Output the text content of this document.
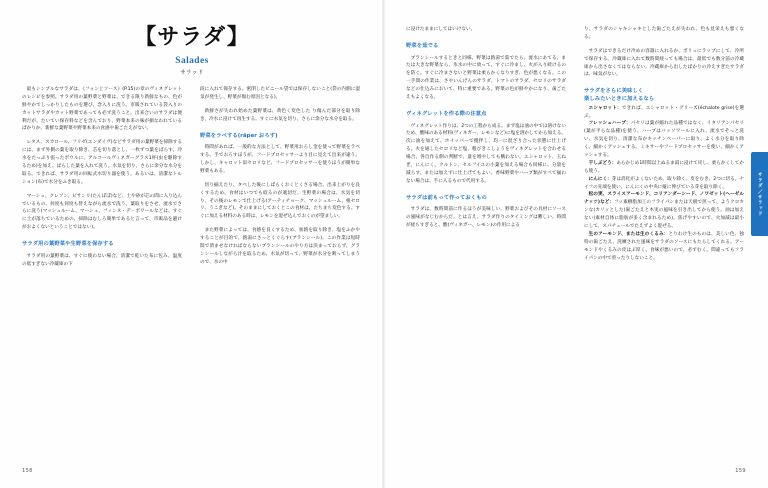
【サラダ】
Salades
サラッド

最もシンプルなサラダは、《フォンとソース》(P.15)の章のヴィネグレットのレシピを参照。サラダ用の葉野菜と野菜は、できる限り新鮮なもの、色が鮮やかでしっかりしたものを選び、念入りに洗う。市販されている袋入りのカットサラダやカット野菜であっても必ず洗うこと。出来合いのサラダは便利だが、たいてい保存料などを含んでおり、野菜本来の味が損なわれているばかりか、新鮮な葉野菜や野菜本来の食感や歯ごたえがない。

レタス、スカロール、フリゼ(エンダイヴ)などサラダ用の葉野菜を掃除するには、まず外側の葉を取り除き、芯を切り落とし、一枚ずつ葉をばらす。冷水をたっぷり張ったボウルに、アルコールヴィネガーグラス1杯(虫を駆除するため)を加え、ばらした葉を入れて洗う。水気を切り、さらに余分な水分を取る。できれば、サラダ用の回転式水切り器を使う。あるいは、清潔なトルション(布)で水分をふき取る。

マーシュ、クレソン、ピサンリ(たんぽぽ)など、土や砂が芯の間に入り込んでいるもの、何度も何度も替えながら流水で洗う。葉取りをさせ、流水でさらに洗う(マッシュルーム、マーシュ、フィンヌ・デ・ボワールなどは、すぐに土が落ちているための、掃除はむしろ簡単であると言って、市販品を避けがおよくないということではない)。

サラダ用の葉野菜や生野菜を保存する

サラダ用の葉野菜は、すぐに使わない場合、清潔で乾いた布に包み、温度の低すぎない冷蔵庫の下

段に入れて保存する。密閉したビニール袋では保存しないこと(袋の内側に湿気が発生し、野菜が傷む原因となる)。

新鮮さが失われ始めた葉野菜は、黄色く変色した り傷んだ部分を取り除き、冷水に浸けて再生する。すぐに水気を切り、さらに余分な水分を取る。

野菜をラペする(râper おろす)

時間があれば、一般的な方法として、野菜用おろし金を使って野菜をラペする。手でおろすほうが、フードプロセッサーより目に見えて出来が違う。しかし、キャロット似セロリなど、フードプロセッサーを使うほうが簡単な野菜もある。

切り揃えたり、タペした後にしばらくおくとくさる場合、出来上がりを良くするため、食材はいつでも絞るのが適切だ。生野菜の場合は、水気を切り、その後のレモンで仕上げる(アーティチョーク、マッシュルーム、根セロリ、うこぎなど)。そのままにしておくとこの食材は、たちまち変色する。すぐに加える材料のある時は、レモンを混ぜ込んでおくのが望ましい。

また野菜によっては、食感を良くするため、加熱を取り除き、塩をふかやすることが目的で、熱湯にさっとくぐらす(ブランシール)。この作業は短時間で済ませなければならないブランシールのやり方は決まっておらず、グランシールしながら汁を取るため、水気が切って、野菜が水分を吸ってしまうので、水の中

158

に浸けたままにしてはいけない。

野菜を茹でる

ブランシールするときと同様、野菜は熱湯で茹でたら、流水にあてる、または大きな野菜なら、氷水の中に放って、すぐに冷まし、火が入り続けるのを防ぐ。すぐに冷まさないと野菜は柔らかくなりすぎ、色が悪くなる。この一手間の作業は、さやいんげんのサラダ、トマトのサラダ、セロリのサラダなどの仕込みにおいて、特に重要である。野菜の色が鮮やかになり、歯ごたえもよくなる。

ヴィネグレットを作る際の注意点

ヴィネグレット作りは、2つの工程から成る。まず塩は油の中では溶けないため、酸味のある材料(ヴィネガー、レモンなど)に塩を溶かしてから加える。次に油を加えて、ホイッパーで攪拌し、均一に混ざり合った状態に仕上げる。火を通したセロリなど塩、粗びきこしょうをヴィネグレットを合わせる場合、各自作る側の判断で、量を増やしても構わない。エシャロット、玉ねぎ、にんにく、クルトン、セルフイユの小葉を加える場合も同様に、分量を減らす、または加えずに仕上げてもよい。香味野菜やハーブ類がすべて揃わない場合は、手に入るもので代用する。

サラダは前もって作っておくもの

サラダは、数時間前に作るほうが美味しい。野菜およびその具材にソースの風味がなじむからだ。とは言え、サラダ作りのタイミングは難しい。時間が経ちすぎると、酸(ヴィネガー、レモン)の作用による

り、サラダのシャキシャキとした歯ごたえが失われ、色も見栄えも悪くなる。

サラダはできるだけ冷めの容器に入れるか、ポリュにラップにして、冷所で保存する。冷蔵庫に入れて数時間経っても場合は、最低でも数分前の冷蔵庫から出さなくてはならない。冷蔵庫から出したばかりの冷えすぎたサラダは、味気がない。

サラダをさらに美味しく
楽しみたいときに加えるなら

エシャロット：できれば、エシャロット・グリーズ(échalote grise)を選ぶ。

フレッシュハーブ：パセリは葉が縮れた品種ではなく、イタリアンパセリ(葉が平らな品種)を使う。ハーブはバッソワールに入れ、流水でそっと洗い、水気を切り、清潔な布かキッチンペーパーに取り、よく水分を取り除く。細かくアッシェする。ミキサーやフードプロセッサーを使い、細かくアッシェする。

干しぶどう：あらかじめ1時間以上ぬるま湯に浸けて戻し、柔らかくしてから使う。

にんにく：芽は消化がよくないため、取り除く。皮をむき、2つに切る。ナイフの先端を使い、にんにくの中央に縦に伸びている芽を取り除く。

松の実、スライスアーモンド、コリアンダーシード、ノワゼット(ヘーゼルナッツ)など：フッ素樹脂加工のフライパンまたは天板で煎って、ようクロカンな(カリッとした)歯ごたえと木実の風味を引き出してから使う。油は加えない(素材自体に脂肪が多く含まれるため)。焦げやすいので、火加減は最小にして、スパチュールでたえずよく混ぜる。

生のアーモンド、または生のくるみ：とりわけ生のものは、美しい色、独特の歯ごたえ、洗練された風味をサラダのソースにもたらしてくれる。アーモンドやくるみの皮はぶ厚く、食味が悪いので、必ずむく。間違ってもフライパンの中で煎ったりしないこと。

サラダ／サラッド
159
